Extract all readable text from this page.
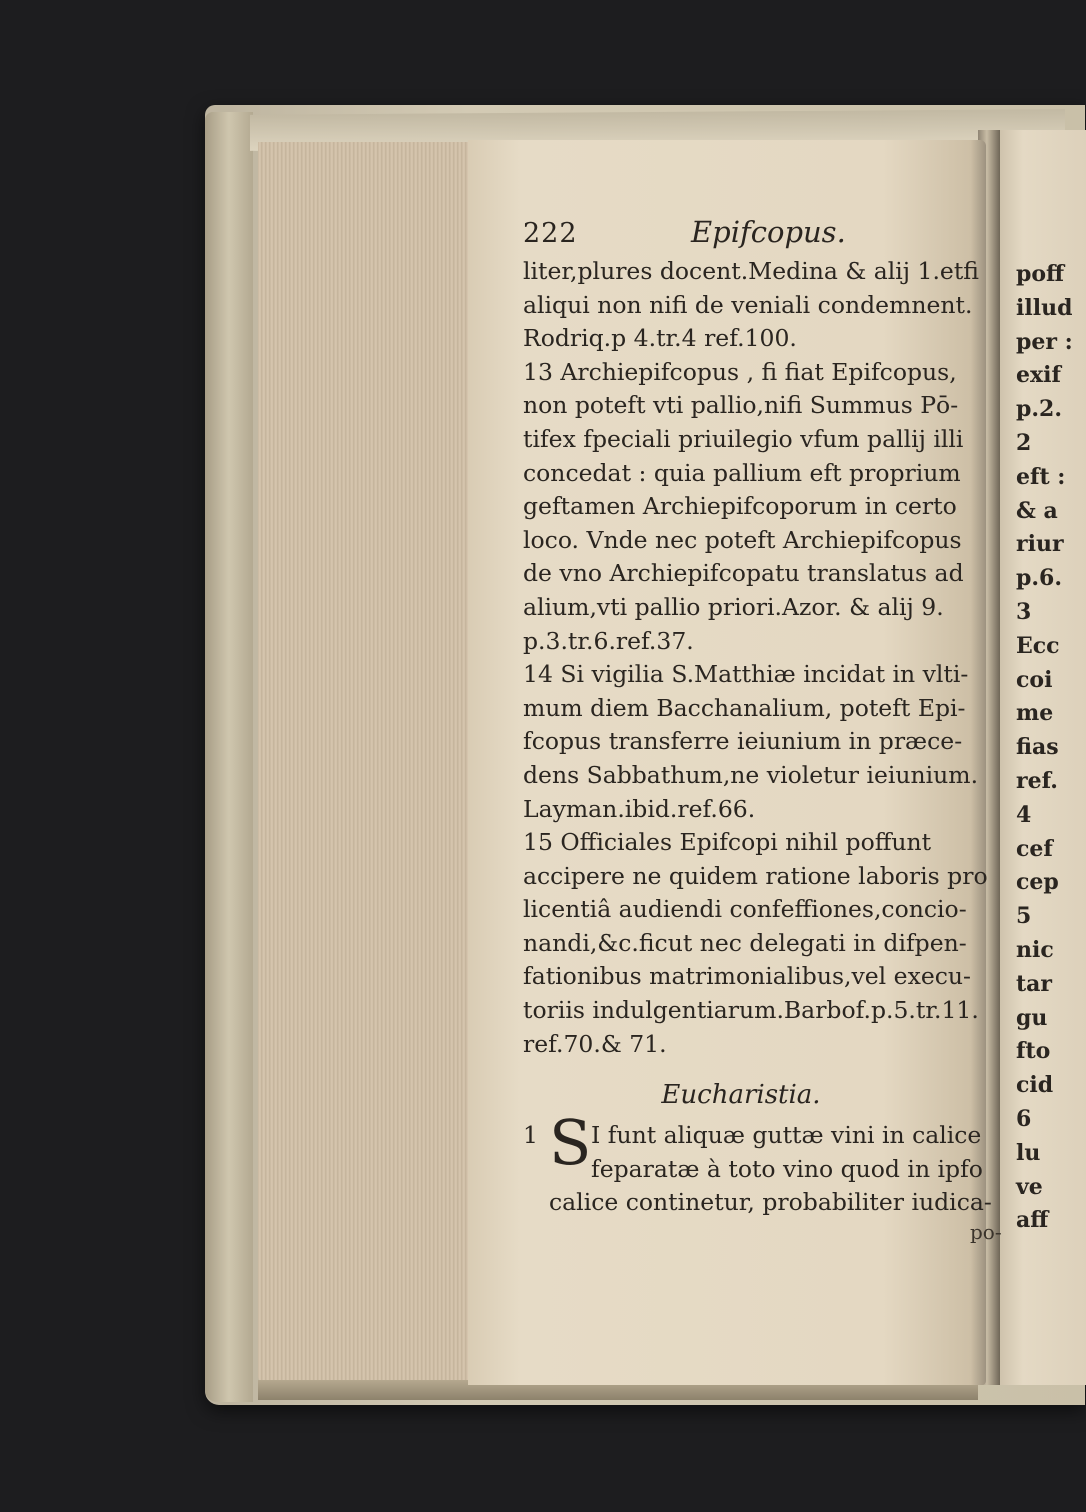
222	Epifcopus.
liter,plures docent.Medina & alij 1.etfi
aliqui non nifi de veniali condemnent.
Rodriq.p 4.tr.4 ref.100.
13 Archiepifcopus , fi fiat Epifcopus,
non poteft vti pallio,nifi Summus Pō-
tifex fpeciali priuilegio vfum pallij illi
concedat : quia pallium eft proprium
geftamen Archiepifcoporum in certo
loco. Vnde nec poteft Archiepifcopus
de vno Archiepifcopatu translatus ad
alium,vti pallio priori.Azor. & alij 9.
p.3.tr.6.ref.37.
14 Si vigilia S.Matthiæ incidat in vlti-
mum diem Bacchanalium, poteft Epi-
fcopus transferre ieiunium in præce-
dens Sabbathum,ne violetur ieiunium.
Layman.ibid.ref.66.
15 Officiales Epifcopi nihil poffunt
accipere ne quidem ratione laboris pro
licentiâ audiendi confeffiones,concio-
nandi,&c.ficut nec delegati in difpen-
fationibus matrimonialibus,vel execu-
toriis indulgentiarum.Barbof.p.5.tr.11.
ref.70.& 71.
Eucharistia.
1 S I funt aliquæ guttæ vini in calice
feparatæ à toto vino quod in ipfo
calice continetur, probabiliter iudica-
po-
poff
illud
per :
exif
p.2.
2
eft :
& a
riur
p.6.
3
Ecc
coi
me
fias
ref.
4
cef
cep
5
nic
tar
gu
fto
cid
6
lu
ve
aff
